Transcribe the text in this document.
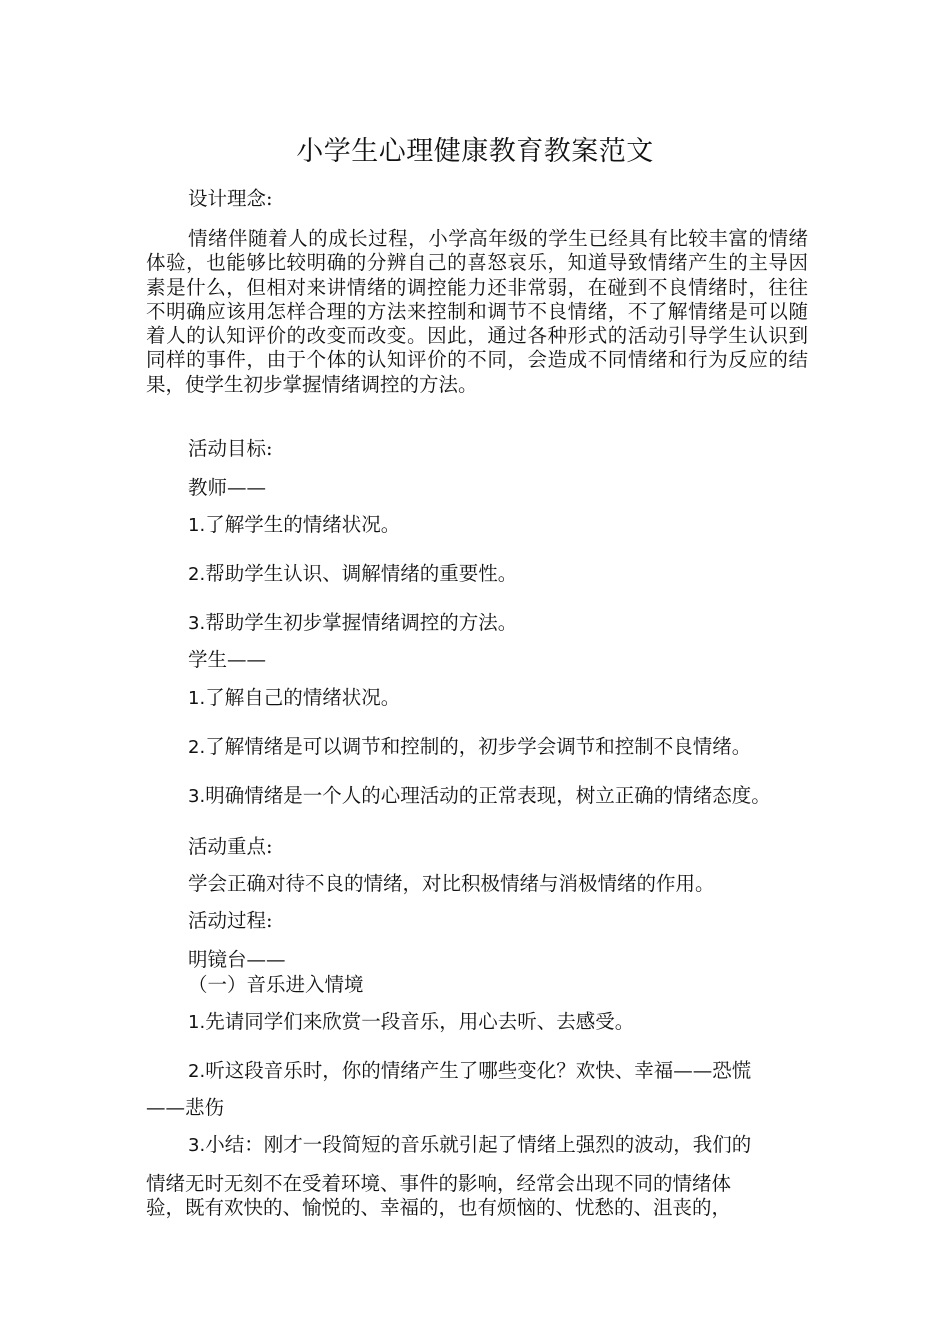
小学生心理健康教育教案范文
设计理念:
情绪伴随着人的成长过程，小学高年级的学生已经具有比较丰富的情绪体验，也能够比较明确的分辨自己的喜怒哀乐，知道导致情绪产生的主导因素是什么，但相对来讲情绪的调控能力还非常弱，在碰到不良情绪时，往往不明确应该用怎样合理的方法来控制和调节不良情绪，不了解情绪是可以随着人的认知评价的改变而改变。因此，通过各种形式的活动引导学生认识到同样的事件，由于个体的认知评价的不同，会造成不同情绪和行为反应的结果，使学生初步掌握情绪调控的方法。
活动目标:
教师——
1.了解学生的情绪状况。
2.帮助学生认识、调解情绪的重要性。
3.帮助学生初步掌握情绪调控的方法。
学生——
1.了解自己的情绪状况。
2.了解情绪是可以调节和控制的，初步学会调节和控制不良情绪。
3.明确情绪是一个人的心理活动的正常表现，树立正确的情绪态度。
活动重点:
学会正确对待不良的情绪，对比积极情绪与消极情绪的作用。
活动过程:
明镜台——
（一）音乐进入情境
1.先请同学们来欣赏一段音乐，用心去听、去感受。
2.听这段音乐时，你的情绪产生了哪些变化？欢快、幸福——恐慌
——悲伤
3.小结：刚才一段简短的音乐就引起了情绪上强烈的波动，我们的
情绪无时无刻不在受着环境、事件的影响，经常会出现不同的情绪体
验，既有欢快的、愉悦的、幸福的，也有烦恼的、忧愁的、沮丧的，
